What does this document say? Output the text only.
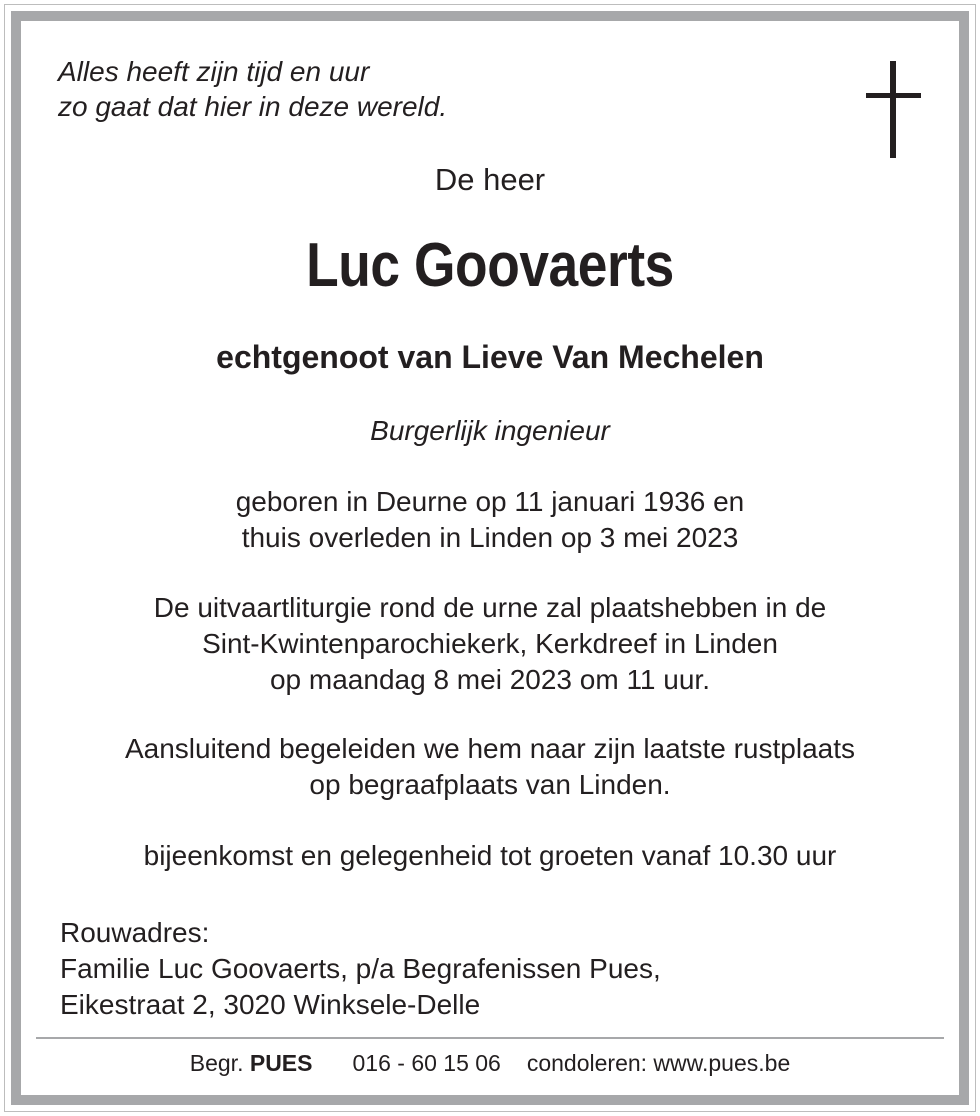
Alles heeft zijn tijd en uur
zo gaat dat hier in deze wereld.

De heer

Luc Goovaerts

echtgenoot van Lieve Van Mechelen

Burgerlijk ingenieur

geboren in Deurne op 11 januari 1936 en
thuis overleden in Linden op 3 mei 2023

De uitvaartliturgie rond de urne zal plaatshebben in de
Sint-Kwintenparochiekerk, Kerkdreef in Linden
op maandag 8 mei 2023 om 11 uur.

Aansluitend begeleiden we hem naar zijn laatste rustplaats
op begraafplaats van Linden.

bijeenkomst en gelegenheid tot groeten vanaf 10.30 uur

Rouwadres:
Familie Luc Goovaerts, p/a Begrafenissen Pues,
Eikestraat 2, 3020 Winksele-Delle

Begr. PUES 016 - 60 15 06 condoleren: www.pues.be
